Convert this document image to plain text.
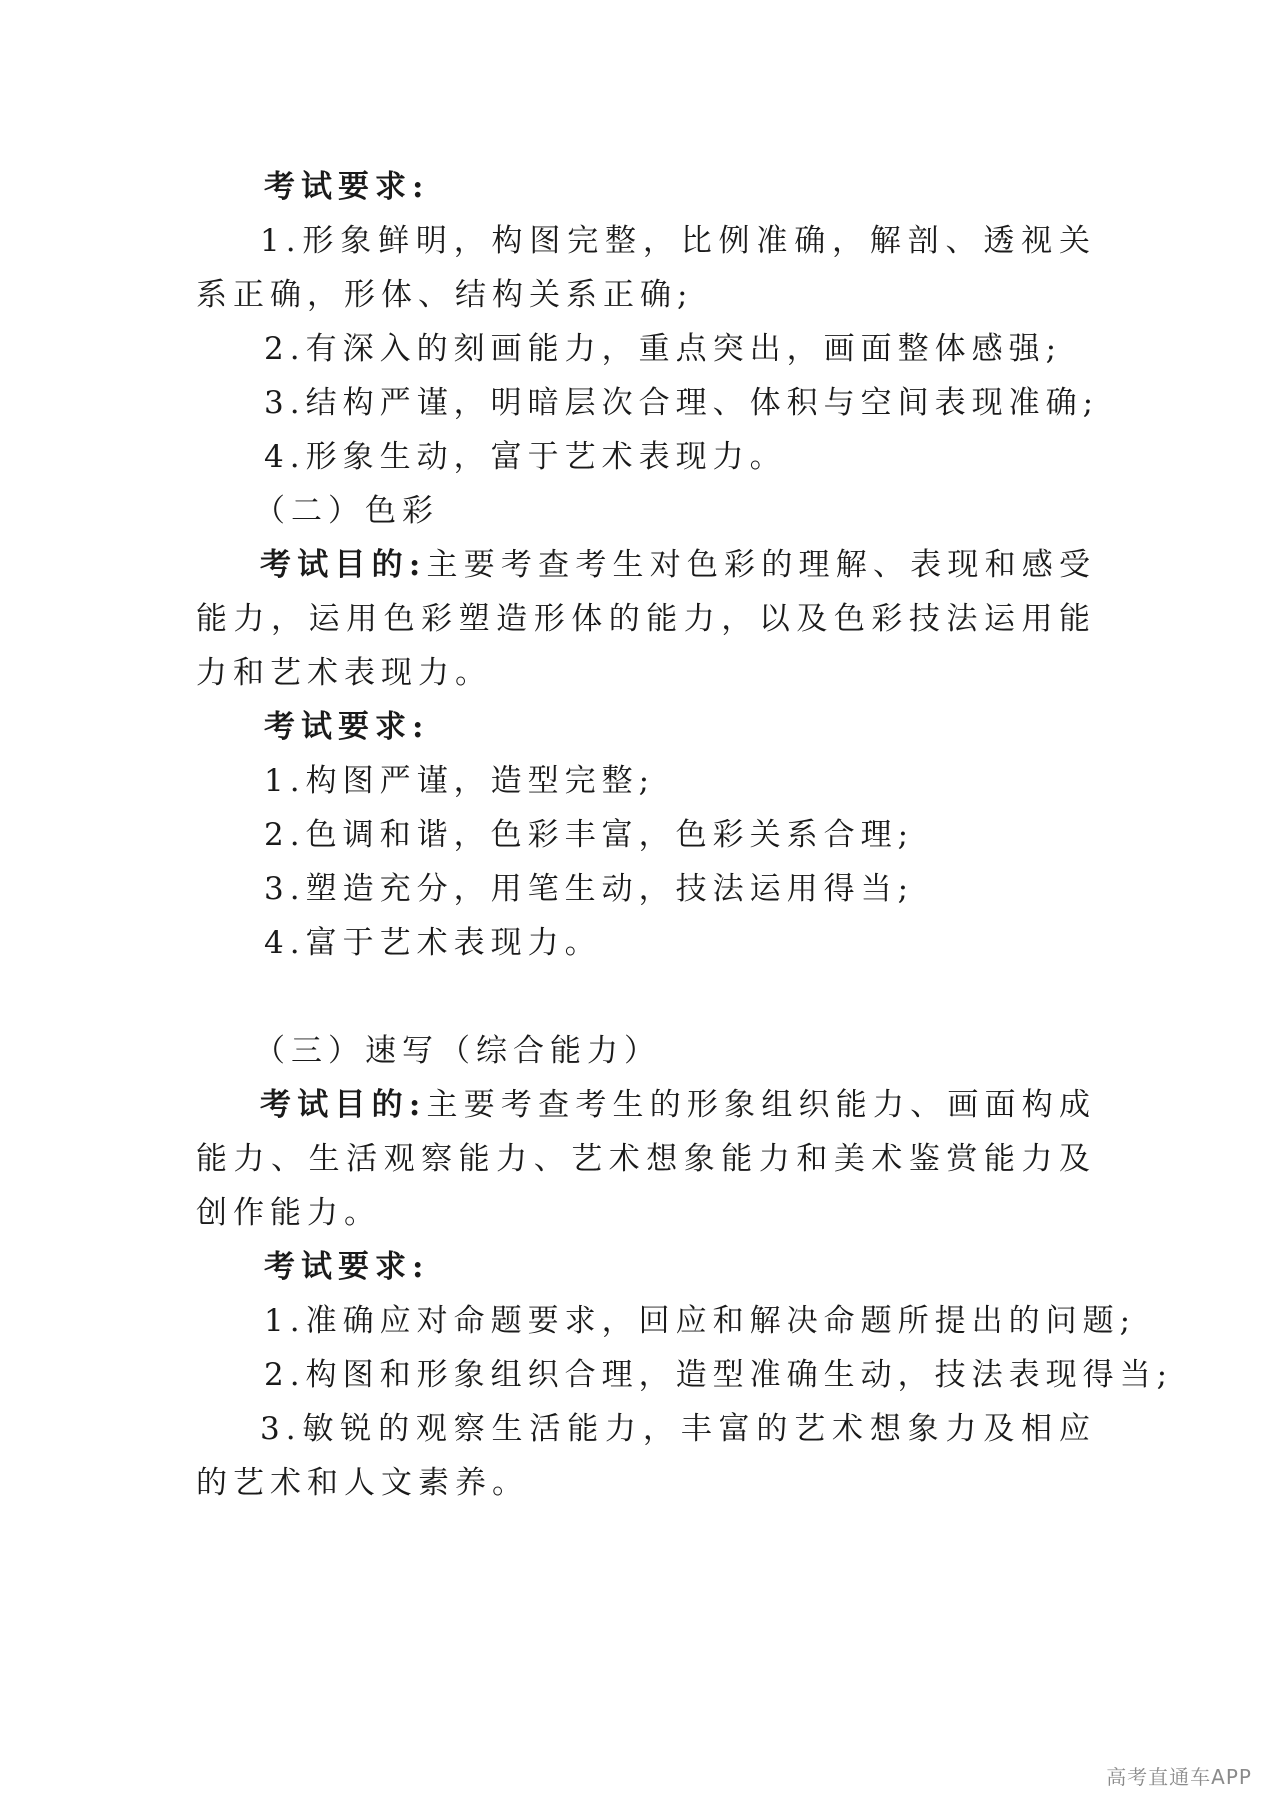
考试要求:

1.形象鲜明，构图完整，比例准确，解剖、透视关系正确，形体、结构关系正确;

2.有深入的刻画能力，重点突出，画面整体感强;

3.结构严谨，明暗层次合理、体积与空间表现准确;

4.形象生动，富于艺术表现力。

（二）色彩

考试目的:主要考查考生对色彩的理解、表现和感受能力，运用色彩塑造形体的能力，以及色彩技法运用能力和艺术表现力。

考试要求:

1.构图严谨，造型完整;

2.色调和谐，色彩丰富，色彩关系合理;

3.塑造充分，用笔生动，技法运用得当;

4.富于艺术表现力。

（三）速写（综合能力）

考试目的:主要考查考生的形象组织能力、画面构成能力、生活观察能力、艺术想象能力和美术鉴赏能力及创作能力。

考试要求:

1.准确应对命题要求，回应和解决命题所提出的问题;

2.构图和形象组织合理，造型准确生动，技法表现得当;

3.敏锐的观察生活能力，丰富的艺术想象力及相应的艺术和人文素养。

高考直通车APP
